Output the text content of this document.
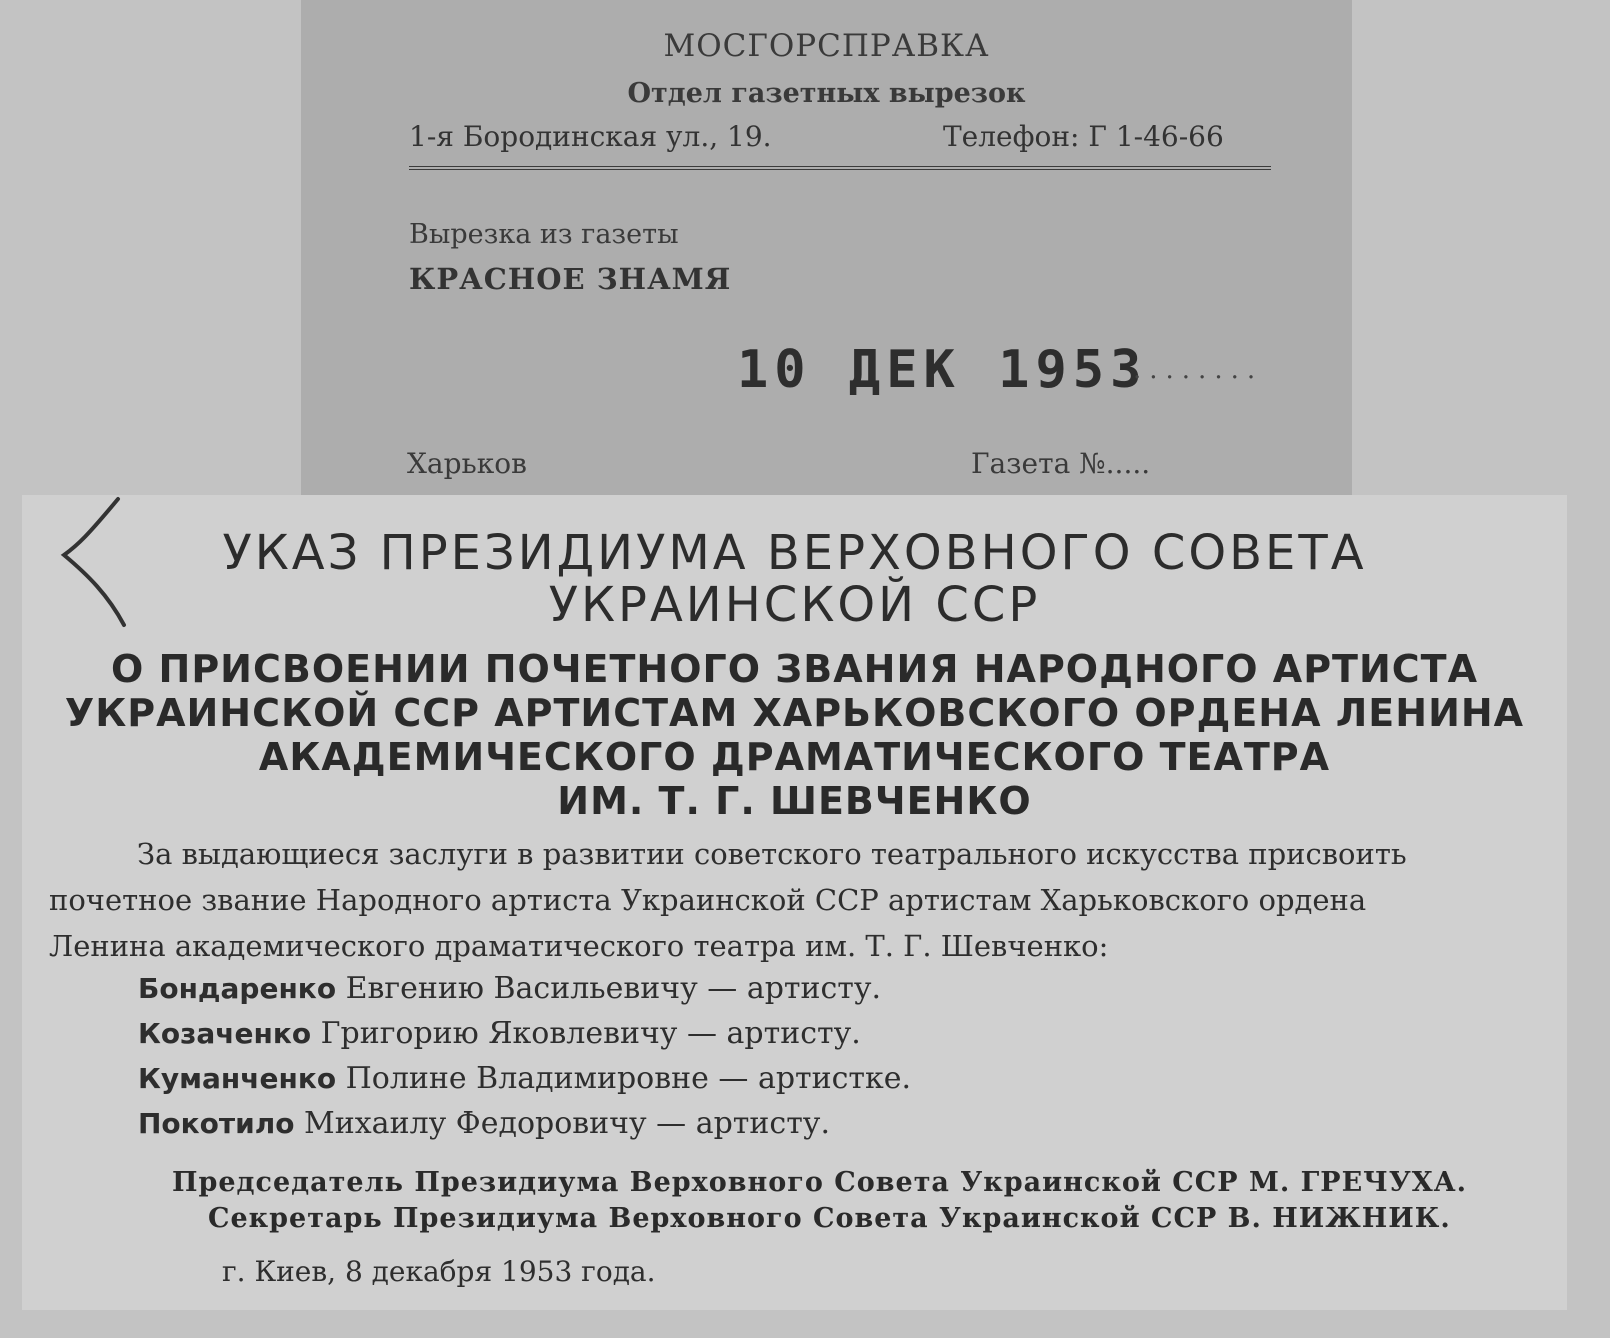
МОСГОРСПРАВКА
Отдел газетных вырезок
1-я Бородинская ул., 19.	Телефон: Г 1-46-66
Вырезка из газеты
КРАСНОЕ ЗНАМЯ
10 ДЕК 1953
........
Харьков	Газета №.....
УКАЗ ПРЕЗИДИУМА ВЕРХОВНОГО СОВЕТА
УКРАИНСКОЙ ССР
О ПРИСВОЕНИИ ПОЧЕТНОГО ЗВАНИЯ НАРОДНОГО АРТИСТА
УКРАИНСКОЙ ССР АРТИСТАМ ХАРЬКОВСКОГО ОРДЕНА ЛЕНИНА
АКАДЕМИЧЕСКОГО ДРАМАТИЧЕСКОГО ТЕАТРА
ИМ. Т. Г. ШЕВЧЕНКО
За выдающиеся заслуги в развитии советского театрального искусства присвоить
почетное звание Народного артиста Украинской ССР артистам Харьковского ордена
Ленина академического драматического театра им. Т. Г. Шевченко:
Бондаренко Евгению Васильевичу — артисту.
Козаченко Григорию Яковлевичу — артисту.
Куманченко Полине Владимировне — артистке.
Покотило Михаилу Федоровичу — артисту.
Председатель Президиума Верховного Совета Украинской ССР М. ГРЕЧУХА.
Секретарь Президиума Верховного Совета Украинской ССР В. НИЖНИК.
г. Киев, 8 декабря 1953 года.
